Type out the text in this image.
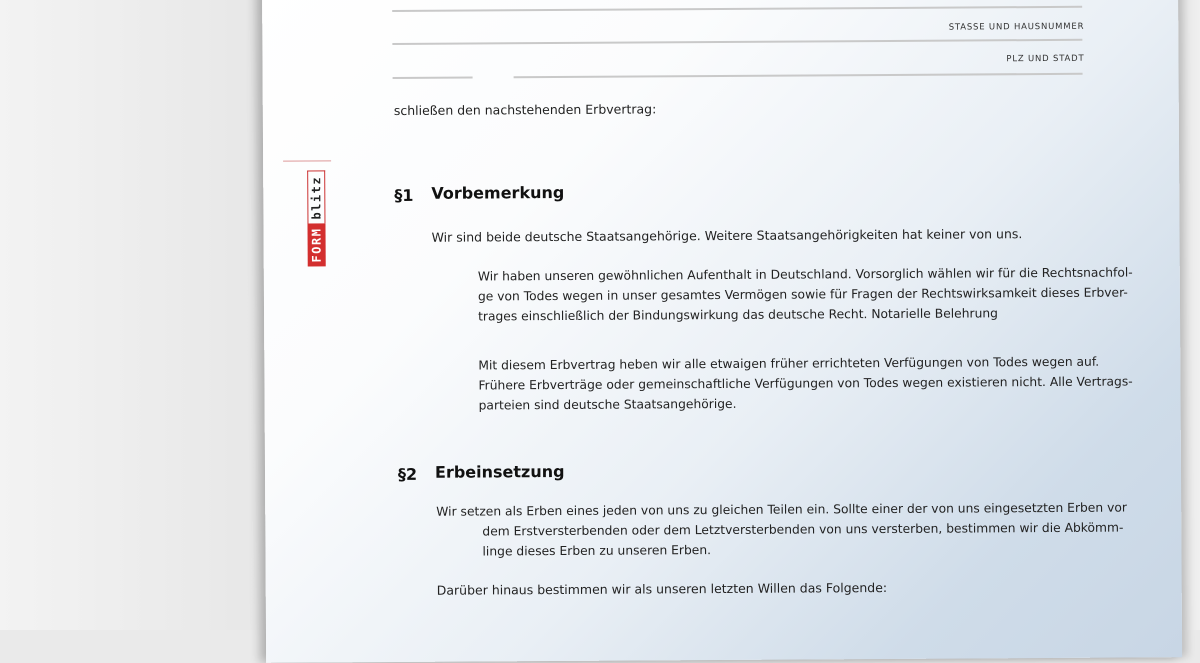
STASSE UND HAUSNUMMER
PLZ UND STADT
schließen den nachstehenden Erbvertrag:
FORM
blitz	§1 Vorbemerkung
Wir sind beide deutsche Staatsangehörige. Weitere Staatsangehörigkeiten hat keiner von uns.
Wir haben unseren gewöhnlichen Aufenthalt in Deutschland. Vorsorglich wählen wir für die Rechtsnachfol-
ge von Todes wegen in unser gesamtes Vermögen sowie für Fragen der Rechtswirksamkeit dieses Erbver-
trages einschließlich der Bindungswirkung das deutsche Recht. Notarielle Belehrung
Mit diesem Erbvertrag heben wir alle etwaigen früher errichteten Verfügungen von Todes wegen auf.
Frühere Erbverträge oder gemeinschaftliche Verfügungen von Todes wegen existieren nicht. Alle Vertrags-
parteien sind deutsche Staatsangehörige.
§2 Erbeinsetzung
Wir setzen als Erben eines jeden von uns zu gleichen Teilen ein. Sollte einer der von uns eingesetzten Erben vor
dem Erstversterbenden oder dem Letztversterbenden von uns versterben, bestimmen wir die Abkömm-
linge dieses Erben zu unseren Erben.
Darüber hinaus bestimmen wir als unseren letzten Willen das Folgende:
